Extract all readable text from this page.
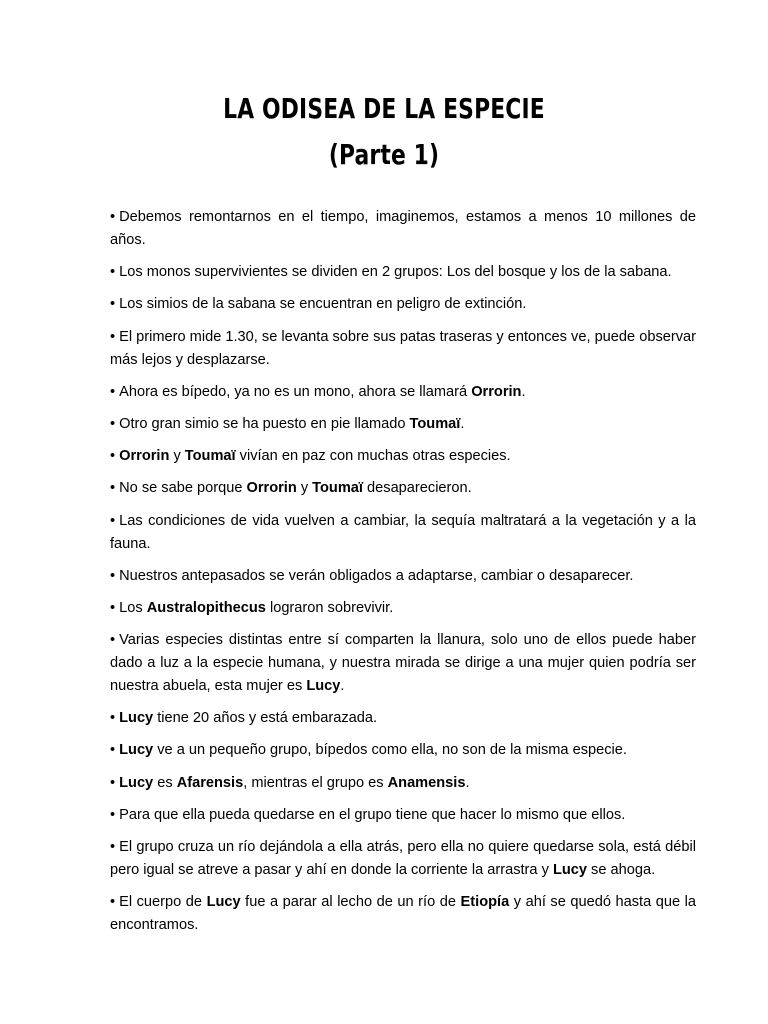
LA ODISEA DE LA ESPECIE
(Parte 1)

• Debemos remontarnos en el tiempo, imaginemos, estamos a menos 10 millones de años.

• Los monos supervivientes se dividen en 2 grupos: Los del bosque y los de la sabana.

• Los simios de la sabana se encuentran en peligro de extinción.

• El primero mide 1.30, se levanta sobre sus patas traseras y entonces ve, puede observar más lejos y desplazarse.

• Ahora es bípedo, ya no es un mono, ahora se llamará Orrorin.

• Otro gran simio se ha puesto en pie llamado Toumaï.

• Orrorin y Toumaï vivían en paz con muchas otras especies.

• No se sabe porque Orrorin y Toumaï desaparecieron.

• Las condiciones de vida vuelven a cambiar, la sequía maltratará a la vegetación y a la fauna.

• Nuestros antepasados se verán obligados a adaptarse, cambiar o desaparecer.

• Los Australopithecus lograron sobrevivir.

• Varias especies distintas entre sí comparten la llanura, solo uno de ellos puede haber dado a luz a la especie humana, y nuestra mirada se dirige a una mujer quien podría ser nuestra abuela, esta mujer es Lucy.

• Lucy tiene 20 años y está embarazada.

• Lucy ve a un pequeño grupo, bípedos como ella, no son de la misma especie.

• Lucy es Afarensis, mientras el grupo es Anamensis.

• Para que ella pueda quedarse en el grupo tiene que hacer lo mismo que ellos.

• El grupo cruza un río dejándola a ella atrás, pero ella no quiere quedarse sola, está débil pero igual se atreve a pasar y ahí en donde la corriente la arrastra y Lucy se ahoga.

• El cuerpo de Lucy fue a parar al lecho de un río de Etiopía y ahí se quedó hasta que la encontramos.
